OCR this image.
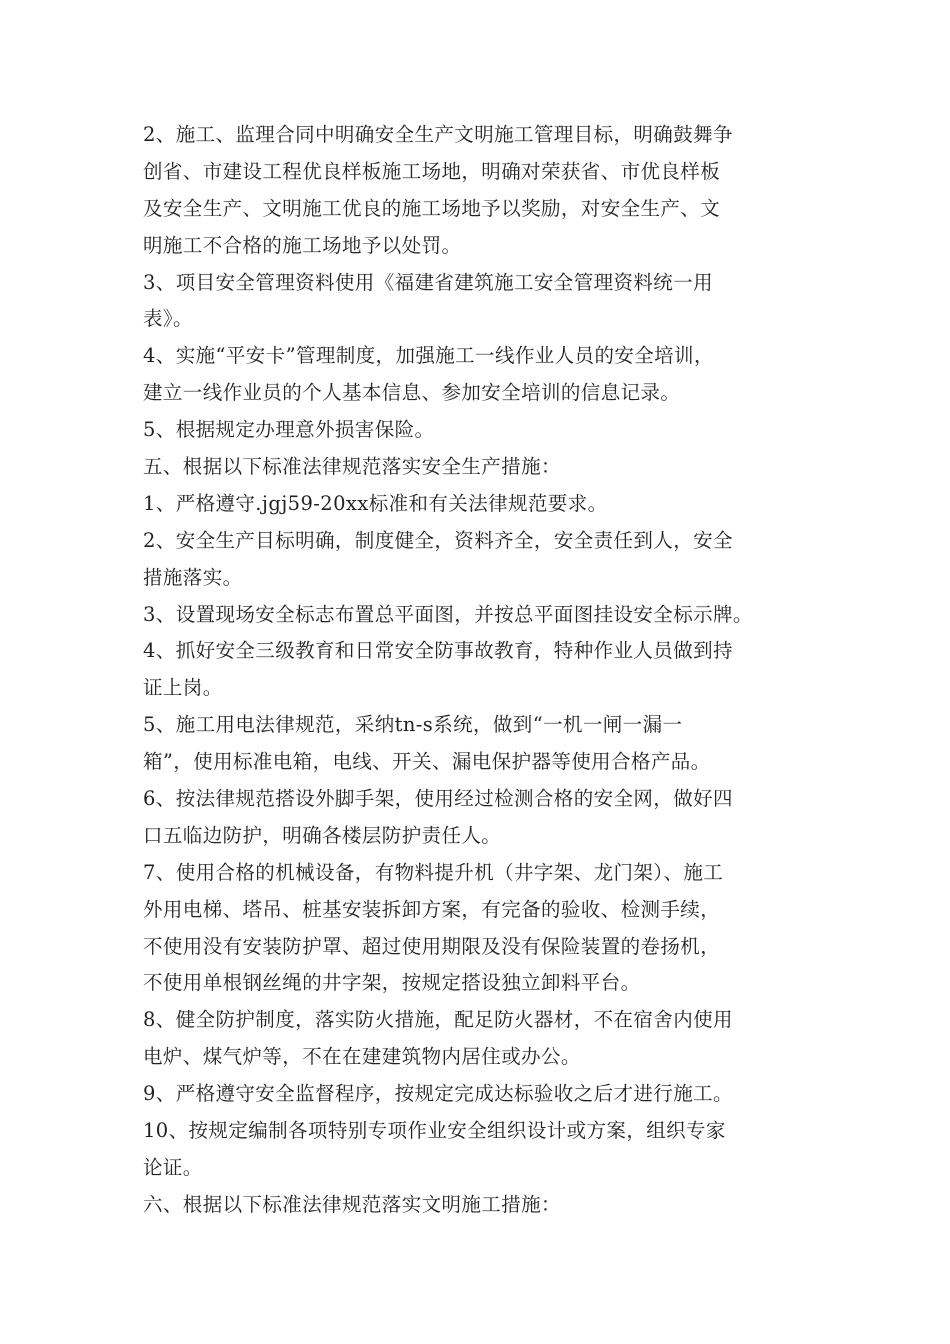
2、施工、监理合同中明确安全生产文明施工管理目标，明确鼓舞争
创省、市建设工程优良样板施工场地，明确对荣获省、市优良样板
及安全生产、文明施工优良的施工场地予以奖励，对安全生产、文
明施工不合格的施工场地予以处罚。
3、项目安全管理资料使用《福建省建筑施工安全管理资料统一用
表》。
4、实施“平安卡”管理制度，加强施工一线作业人员的安全培训，
建立一线作业员的个人基本信息、参加安全培训的信息记录。
5、根据规定办理意外损害保险。
五、根据以下标准法律规范落实安全生产措施：
1、严格遵守.jgj59-20xx标准和有关法律规范要求。
2、安全生产目标明确，制度健全，资料齐全，安全责任到人，安全
措施落实。
3、设置现场安全标志布置总平面图，并按总平面图挂设安全标示牌。
4、抓好安全三级教育和日常安全防事故教育，特种作业人员做到持
证上岗。
5、施工用电法律规范，采纳tn-s系统，做到“一机一闸一漏一
箱”，使用标准电箱，电线、开关、漏电保护器等使用合格产品。
6、按法律规范搭设外脚手架，使用经过检测合格的安全网，做好四
口五临边防护，明确各楼层防护责任人。
7、使用合格的机械设备，有物料提升机（井字架、龙门架）、施工
外用电梯、塔吊、桩基安装拆卸方案，有完备的验收、检测手续，
不使用没有安装防护罩、超过使用期限及没有保险装置的卷扬机，
不使用单根钢丝绳的井字架，按规定搭设独立卸料平台。
8、健全防护制度，落实防火措施，配足防火器材，不在宿舍内使用
电炉、煤气炉等，不在在建建筑物内居住或办公。
9、严格遵守安全监督程序，按规定完成达标验收之后才进行施工。
10、按规定编制各项特别专项作业安全组织设计或方案，组织专家
论证。
六、根据以下标准法律规范落实文明施工措施：
